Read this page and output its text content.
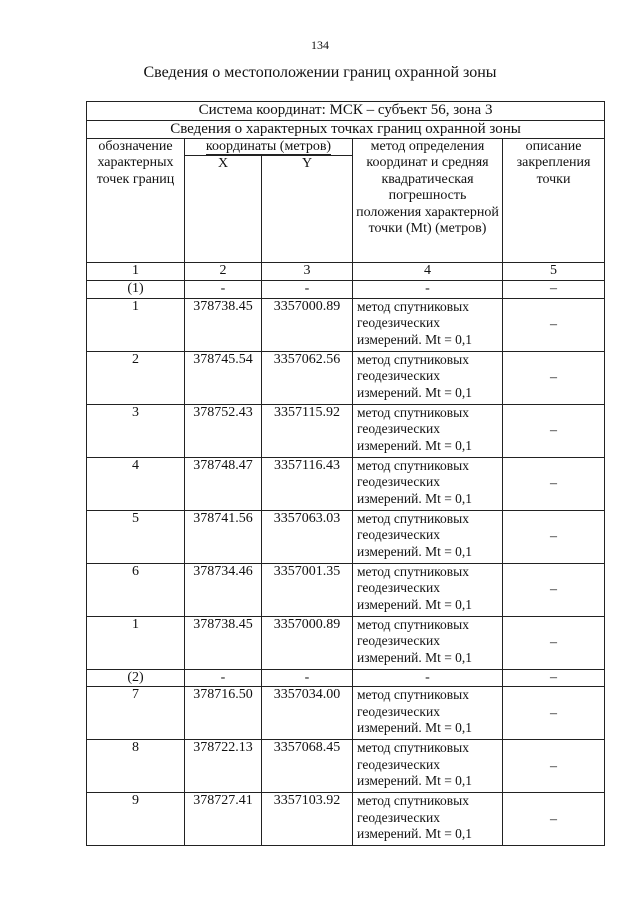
134
Сведения о местоположении границ охранной зоны
Система координат: МСК – субъект 56, зона 3				
Сведения о характерных точках границ охранной зоны				
обозначение характерных точек границ	координаты (метров)		метод определения координат и средняя квадратическая погрешность положения характерной точки (Mt) (метров)	описание закрепления точки
	X	Y		
1	2	3	4	5
(1)	-	-	-	–
1	378738.45	3357000.89	метод спутниковых геодезических измерений. Mt = 0,1	–
2	378745.54	3357062.56	метод спутниковых геодезических измерений. Mt = 0,1	–
3	378752.43	3357115.92	метод спутниковых геодезических измерений. Mt = 0,1	–
4	378748.47	3357116.43	метод спутниковых геодезических измерений. Mt = 0,1	–
5	378741.56	3357063.03	метод спутниковых геодезических измерений. Mt = 0,1	–
6	378734.46	3357001.35	метод спутниковых геодезических измерений. Mt = 0,1	–
1	378738.45	3357000.89	метод спутниковых геодезических измерений. Mt = 0,1	–
(2)	-	-	-	–
7	378716.50	3357034.00	метод спутниковых геодезических измерений. Mt = 0,1	–
8	378722.13	3357068.45	метод спутниковых геодезических измерений. Mt = 0,1	–
9	378727.41	3357103.92	метод спутниковых геодезических измерений. Mt = 0,1	–
